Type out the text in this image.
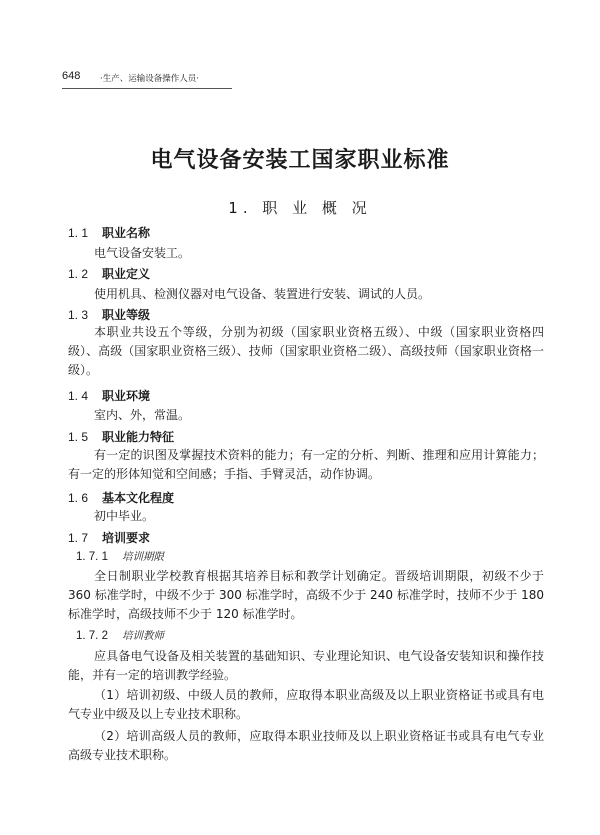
648 ·生产、运输设备操作人员·
电气设备安装工国家职业标准
1. 职 业 概 况
1. 1 职业名称
电气设备安装工。
1. 2 职业定义
使用机具、检测仪器对电气设备、装置进行安装、调试的人员。
1. 3 职业等级
本职业共设五个等级，分别为初级（国家职业资格五级）、中级（国家职业资格四级）、高级（国家职业资格三级）、技师（国家职业资格二级）、高级技师（国家职业资格一级）。
1. 4 职业环境
室内、外，常温。
1. 5 职业能力特征
有一定的识图及掌握技术资料的能力；有一定的分析、判断、推理和应用计算能力；有一定的形体知觉和空间感；手指、手臂灵活，动作协调。
1. 6 基本文化程度
初中毕业。
1. 7 培训要求
1. 7. 1 培训期限
全日制职业学校教育根据其培养目标和教学计划确定。晋级培训期限，初级不少于 360 标准学时，中级不少于 300 标准学时，高级不少于 240 标准学时，技师不少于 180 标准学时，高级技师不少于 120 标准学时。
1. 7. 2 培训教师
应具备电气设备及相关装置的基础知识、专业理论知识、电气设备安装知识和操作技能，并有一定的培训教学经验。
（1）培训初级、中级人员的教师，应取得本职业高级及以上职业资格证书或具有电气专业中级及以上专业技术职称。
（2）培训高级人员的教师，应取得本职业技师及以上职业资格证书或具有电气专业高级专业技术职称。
